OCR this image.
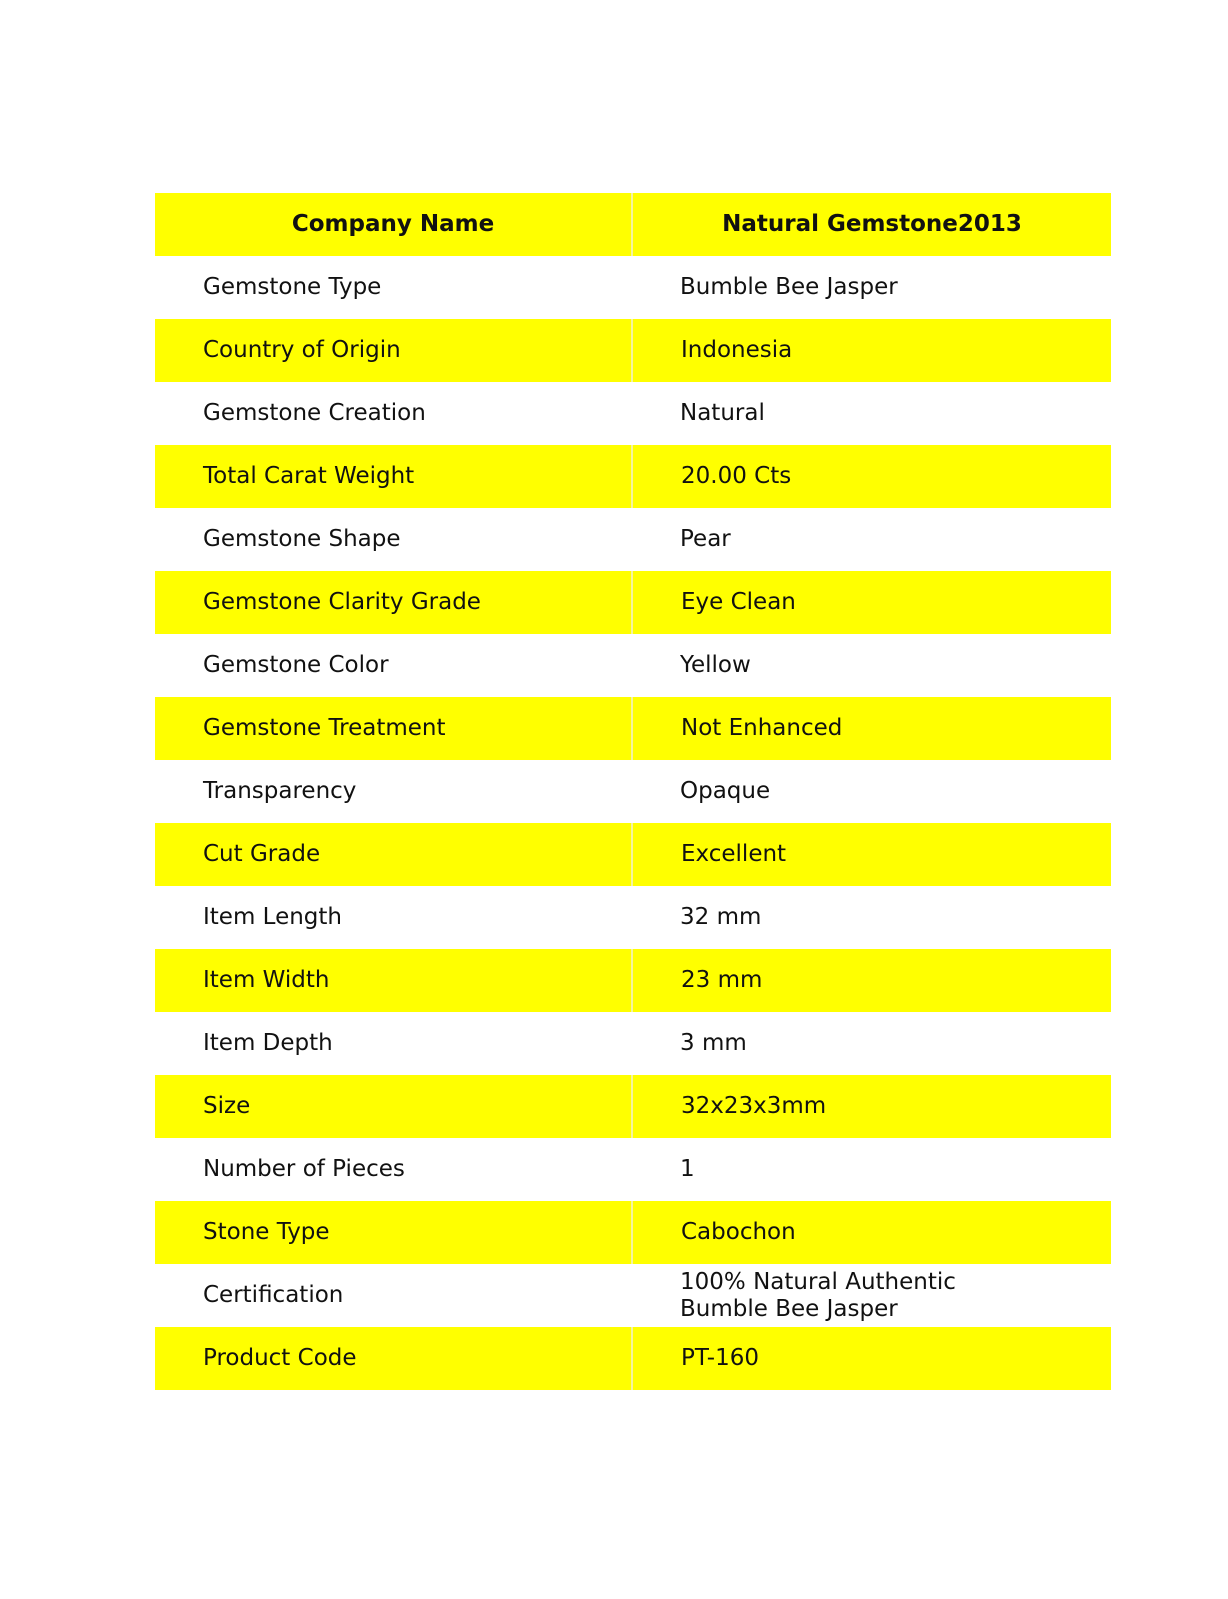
Company Name	Natural Gemstone2013
Gemstone Type	Bumble Bee Jasper
Country of Origin	Indonesia
Gemstone Creation	Natural
Total Carat Weight	20.00 Cts
Gemstone Shape	Pear
Gemstone Clarity Grade	Eye Clean
Gemstone Color	Yellow
Gemstone Treatment	Not Enhanced
Transparency	Opaque
Cut Grade	Excellent
Item Length	32 mm
Item Width	23 mm
Item Depth	3 mm
Size	32x23x3mm
Number of Pieces	1
Stone Type	Cabochon
Certification	100% Natural Authentic Bumble Bee Jasper
Product Code	PT-160
